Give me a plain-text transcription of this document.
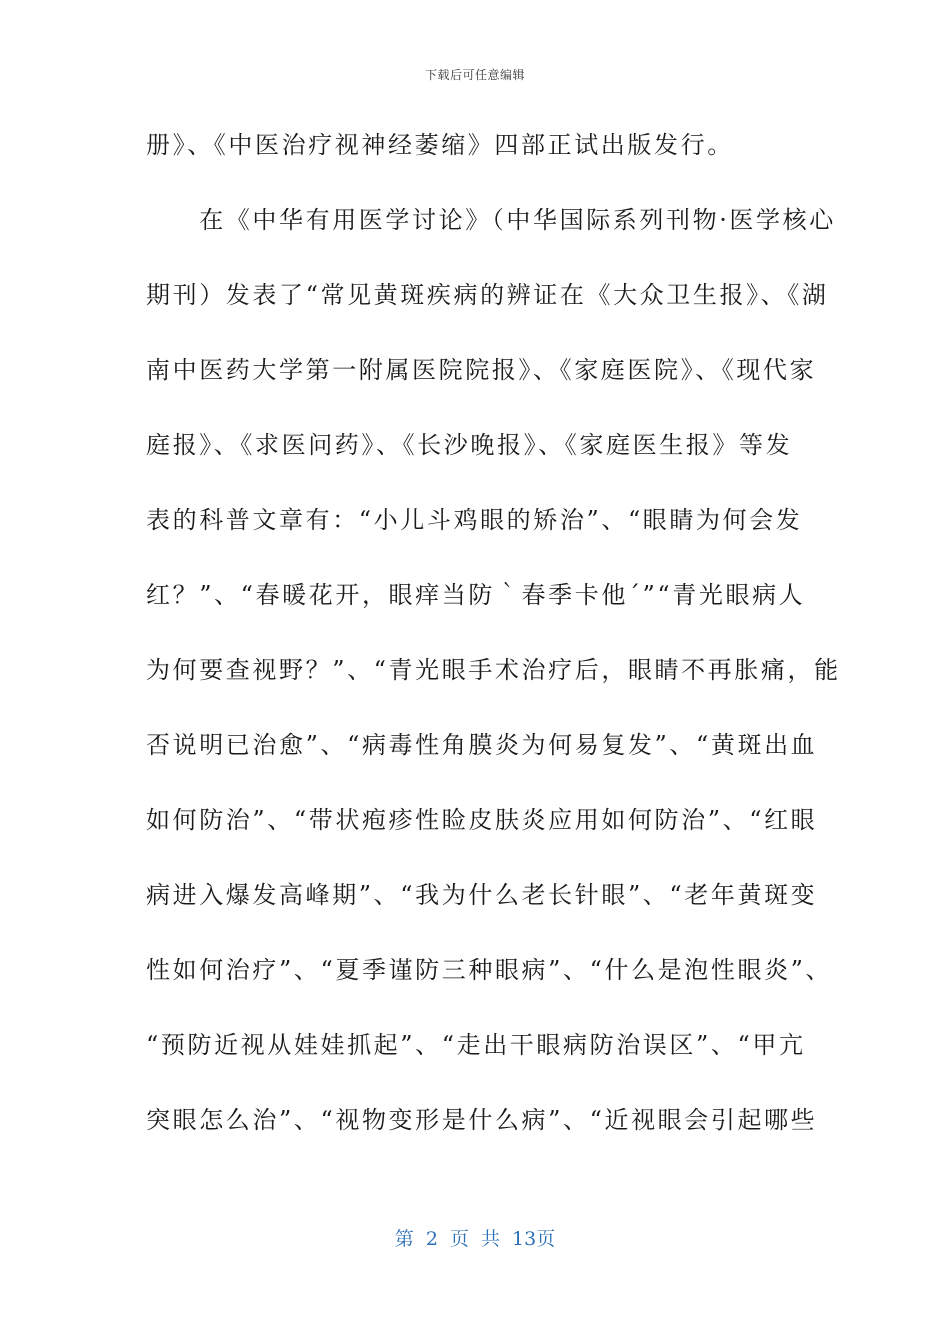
下载后可任意编辑
册》、《中医治疗视神经萎缩》四部正试出版发行。
　　在《中华有用医学讨论》（中华国际系列刊物·医学核心
期刊）发表了“常见黄斑疾病的辨证在《大众卫生报》、《湖
南中医药大学第一附属医院院报》、《家庭医院》、《现代家
庭报》、《求医问药》、《长沙晚报》、《家庭医生报》等发
表的科普文章有：“小儿斗鸡眼的矫治”、“眼睛为何会发
红？”、“春暖花开，眼痒当防｀春季卡他´”“青光眼病人
为何要查视野？”、“青光眼手术治疗后，眼睛不再胀痛，能
否说明已治愈”、“病毒性角膜炎为何易复发”、“黄斑出血
如何防治”、“带状疱疹性睑皮肤炎应用如何防治”、“红眼
病进入爆发高峰期”、“我为什么老长针眼”、“老年黄斑变
性如何治疗”、“夏季谨防三种眼病”、“什么是泡性眼炎”、
“预防近视从娃娃抓起”、“走出干眼病防治误区”、“甲亢
突眼怎么治”、“视物变形是什么病”、“近视眼会引起哪些
第 2 页 共 13页
